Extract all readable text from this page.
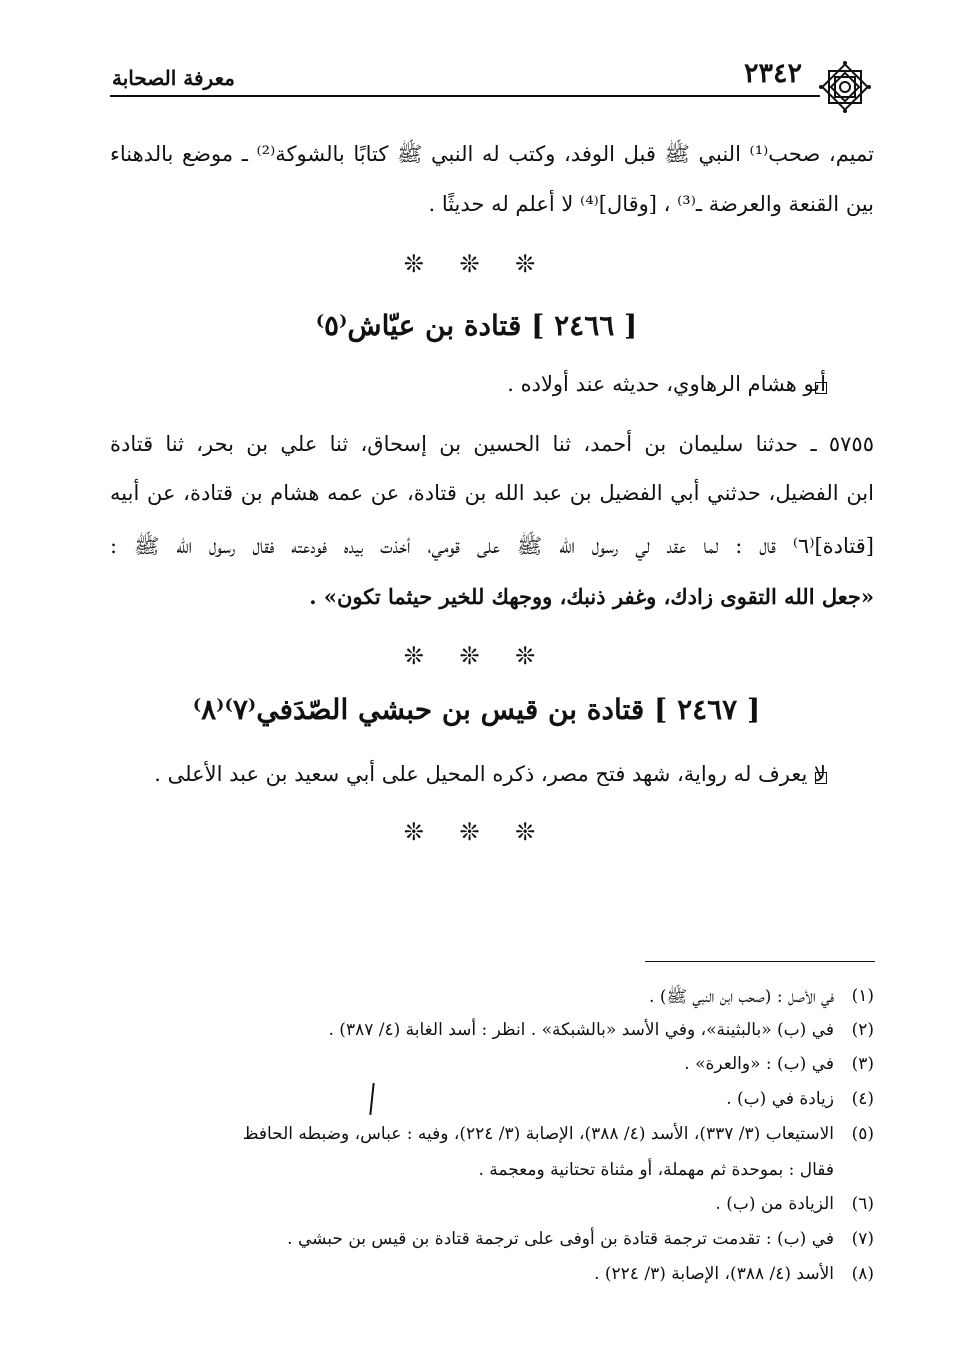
٢٣٤٢
معرفة الصحابة
تميم، صحب⁽¹⁾ النبي ﷺ قبل الوفد، وكتب له النبي ﷺ كتابًا بالشوكة⁽²⁾ ـ موضع بالدهناء
بين القنعة والعرضة ـ⁽³⁾ ، [وقال]⁽⁴⁾ لا أعلم له حديثًا .
❊ ❊ ❊
[ ٢٤٦٦ ] قتادة بن عيّاش⁽٥⁾
أبو هشام الرهاوي، حديثه عند أولاده .
٥٧٥٥ ـ حدثنا سليمان بن أحمد، ثنا الحسين بن إسحاق، ثنا علي بن بحر، ثنا قتادة
ابن الفضيل، حدثني أبي الفضيل بن عبد الله بن قتادة، عن عمه هشام بن قتادة، عن أبيه
[قتادة]⁽٦⁾ قال : لما عقد لي رسول الله ﷺ على قومي، أخذت بيده فودعته فقال رسول الله ﷺ :
«جعل الله التقوى زادك، وغفر ذنبك، ووجهك للخير حيثما تكون» .
❊ ❊ ❊
[ ٢٤٦٧ ] قتادة بن قيس بن حبشي الصّدَفي⁽٧⁾⁽٨⁾
لا يعرف له رواية، شهد فتح مصر، ذكره المحيل على أبي سعيد بن عبد الأعلى .
❊ ❊ ❊
(١)
في الأصل : (صحب ابن النبي ﷺ) .
(٢)
في (ب) «بالبثينة»، وفي الأسد «بالشبكة» . انظر : أسد الغابة (٤/ ٣٨٧) .
(٣)
في (ب) : «والعرة» .
(٤)
زيادة في (ب) .
(٥)
الاستيعاب (٣/ ٣٣٧)، الأسد (٤/ ٣٨٨)، الإصابة (٣/ ٢٢٤)، وفيه : عباس، وضبطه الحافظ
فقال : بموحدة ثم مهملة، أو مثناة تحتانية ومعجمة .
(٦)
الزيادة من (ب) .
(٧)
في (ب) : تقدمت ترجمة قتادة بن أوفى على ترجمة قتادة بن قيس بن حبشي .
(٨)
الأسد (٤/ ٣٨٨)، الإصابة (٣/ ٢٢٤) .
